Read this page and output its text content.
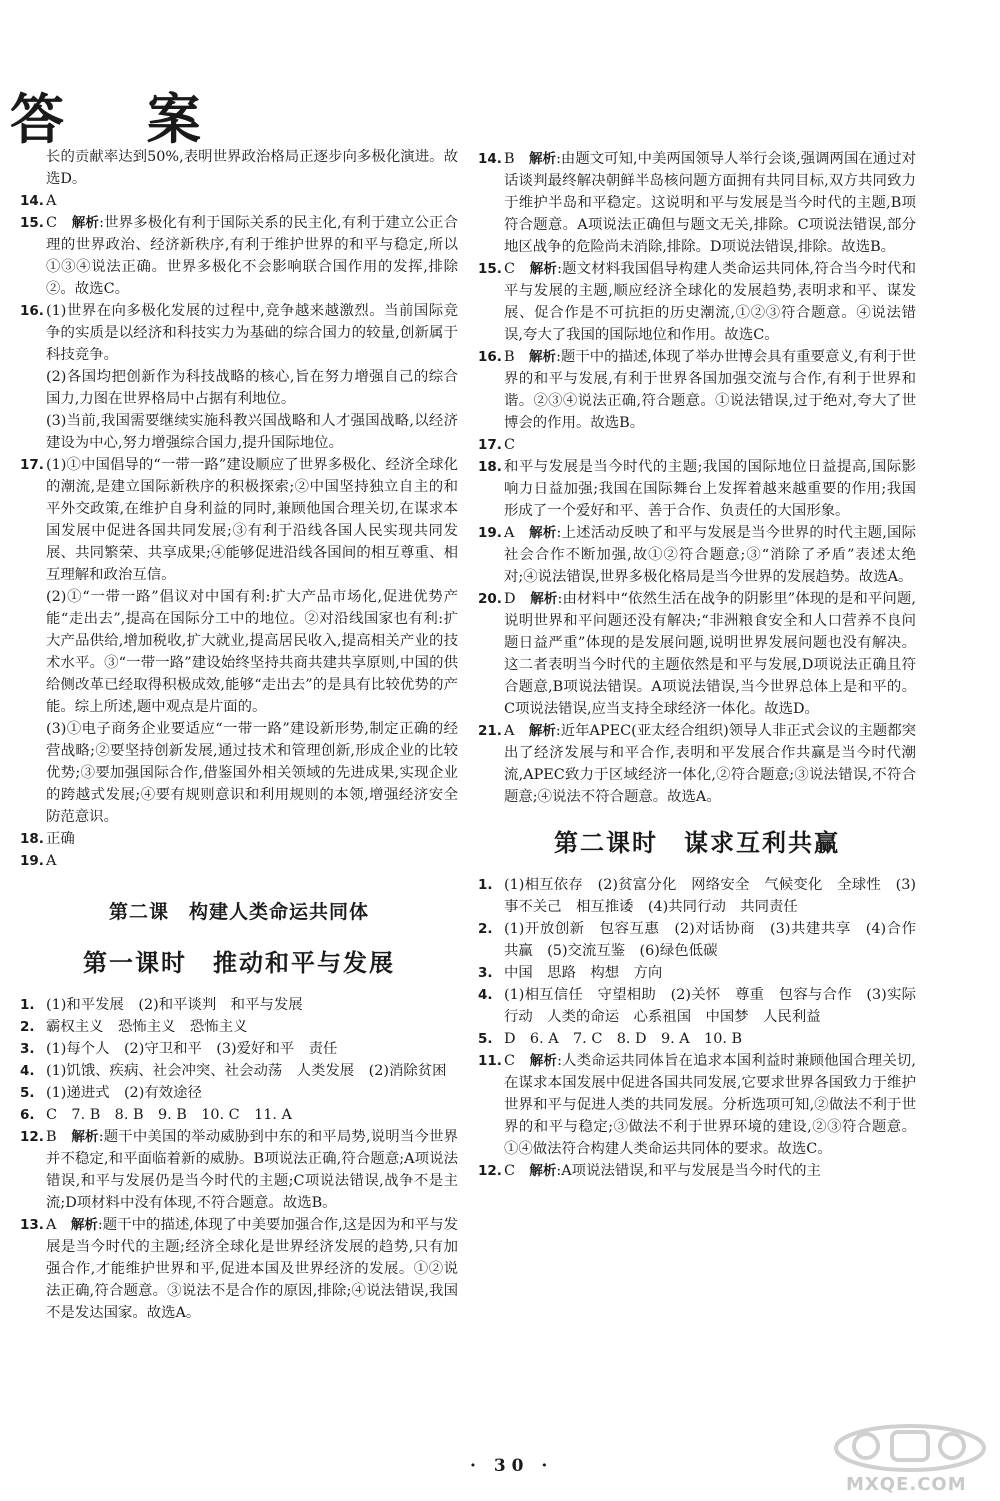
答 案

长的贡献率达到50%,表明世界政治格局正逐步向多极化演进。故选D。

14. A

15. C　 解析:世界多极化有利于国际关系的民主化,有利于建立公正合理的世界政治、经济新秩序,有利于维护世界的和平与稳定,所以①③④说法正确。世界多极化不会影响联合国作用的发挥,排除②。故选C。

16. (1)世界在向多极化发展的过程中,竞争越来越激烈。当前国际竞争的实质是以经济和科技实力为基础的综合国力的较量,创新属于科技竞争。
(2)各国均把创新作为科技战略的核心,旨在努力增强自己的综合国力,力图在世界格局中占据有利地位。
(3)当前,我国需要继续实施科教兴国战略和人才强国战略,以经济建设为中心,努力增强综合国力,提升国际地位。

17. (1)①中国倡导的“一带一路”建设顺应了世界多极化、经济全球化的潮流,是建立国际新秩序的积极探索;②中国坚持独立自主的和平外交政策,在维护自身利益的同时,兼顾他国合理关切,在谋求本国发展中促进各国共同发展;③有利于沿线各国人民实现共同发展、共同繁荣、共享成果;④能够促进沿线各国间的相互尊重、相互理解和政治互信。
(2)①“一带一路”倡议对中国有利:扩大产品市场化,促进优势产能“走出去”,提高在国际分工中的地位。②对沿线国家也有利:扩大产品供给,增加税收,扩大就业,提高居民收入,提高相关产业的技术水平。③“一带一路”建设始终坚持共商共建共享原则,中国的供给侧改革已经取得积极成效,能够“走出去”的是具有比较优势的产能。综上所述,题中观点是片面的。
(3)①电子商务企业要适应“一带一路”建设新形势,制定正确的经营战略;②要坚持创新发展,通过技术和管理创新,形成企业的比较优势;③要加强国际合作,借鉴国外相关领域的先进成果,实现企业的跨越式发展;④要有规则意识和利用规则的本领,增强经济安全防范意识。

18. 正确

19. A

第二课　构建人类命运共同体
第一课时　推动和平与发展

1. (1)和平发展　(2)和平谈判　和平与发展

2. 霸权主义　恐怖主义　恐怖主义

3. (1)每个人　(2)守卫和平　(3)爱好和平　责任

4. (1)饥饿、疾病、社会冲突、社会动荡　人类发展　(2)消除贫困

5. (1)递进式　(2)有效途径

6. C　7. B　8. B　9. B　10. C　11. A

12. B　 解析:题干中美国的举动威胁到中东的和平局势,说明当今世界并不稳定,和平面临着新的威胁。B项说法正确,符合题意;A项说法错误,和平与发展仍是当今时代的主题;C项说法错误,战争不是主流;D项材料中没有体现,不符合题意。故选B。

13. A　 解析:题干中的描述,体现了中美要加强合作,这是因为和平与发展是当今时代的主题;经济全球化是世界经济发展的趋势,只有加强合作,才能维护世界和平,促进本国及世界经济的发展。①②说法正确,符合题意。③说法不是合作的原因,排除;④说法错误,我国不是发达国家。故选A。

14. B　 解析:由题文可知,中美两国领导人举行会谈,强调两国在通过对话谈判最终解决朝鲜半岛核问题方面拥有共同目标,双方共同致力于维护半岛和平稳定。这说明和平与发展是当今时代的主题,B项符合题意。A项说法正确但与题文无关,排除。C项说法错误,部分地区战争的危险尚未消除,排除。D项说法错误,排除。故选B。

15. C　 解析:题文材料我国倡导构建人类命运共同体,符合当今时代和平与发展的主题,顺应经济全球化的发展趋势,表明求和平、谋发展、促合作是不可抗拒的历史潮流,①②③符合题意。④说法错误,夸大了我国的国际地位和作用。故选C。

16. B　 解析:题干中的描述,体现了举办世博会具有重要意义,有利于世界的和平与发展,有利于世界各国加强交流与合作,有利于世界和谐。②③④说法正确,符合题意。①说法错误,过于绝对,夸大了世博会的作用。故选B。

17. C

18. 和平与发展是当今时代的主题;我国的国际地位日益提高,国际影响力日益加强;我国在国际舞台上发挥着越来越重要的作用;我国形成了一个爱好和平、善于合作、负责任的大国形象。

19. A　 解析:上述活动反映了和平与发展是当今世界的时代主题,国际社会合作不断加强,故①②符合题意;③“消除了矛盾”表述太绝对;④说法错误,世界多极化格局是当今世界的发展趋势。故选A。

20. D　 解析:由材料中“依然生活在战争的阴影里”体现的是和平问题,说明世界和平问题还没有解决;“非洲粮食安全和人口营养不良问题日益严重”体现的是发展问题,说明世界发展问题也没有解决。这二者表明当今时代的主题依然是和平与发展,D项说法正确且符合题意,B项说法错误。A项说法错误,当今世界总体上是和平的。C项说法错误,应当支持全球经济一体化。故选D。

21. A　 解析:近年APEC(亚太经合组织)领导人非正式会议的主题都突出了经济发展与和平合作,表明和平发展合作共赢是当今时代潮流,APEC致力于区域经济一体化,②符合题意;③说法错误,不符合题意;④说法不符合题意。故选A。

第二课时　谋求互利共赢

1. (1)相互依存　(2)贫富分化　网络安全　气候变化　全球性　(3)事不关己　相互推诿　(4)共同行动　共同责任

2. (1)开放创新　包容互惠　(2)对话协商　(3)共建共享　(4)合作共赢　(5)交流互鉴　(6)绿色低碳

3. 中国　思路　构想　方向

4. (1)相互信任　守望相助　(2)关怀　尊重　包容与合作　(3)实际行动　人类的命运　心系祖国　中国梦　人民利益

5. D　6. A　7. C　8. D　9. A　10. B

11. C　 解析:人类命运共同体旨在追求本国利益时兼顾他国合理关切,在谋求本国发展中促进各国共同发展,它要求世界各国致力于维护世界和平与促进人类的共同发展。分析选项可知,②做法不利于世界的和平与稳定;③做法不利于世界环境的建设,②③符合题意。①④做法符合构建人类命运共同体的要求。故选C。

12. C　 解析:A项说法错误,和平与发展是当今时代的主

· 30 ·
MXQE.COM
